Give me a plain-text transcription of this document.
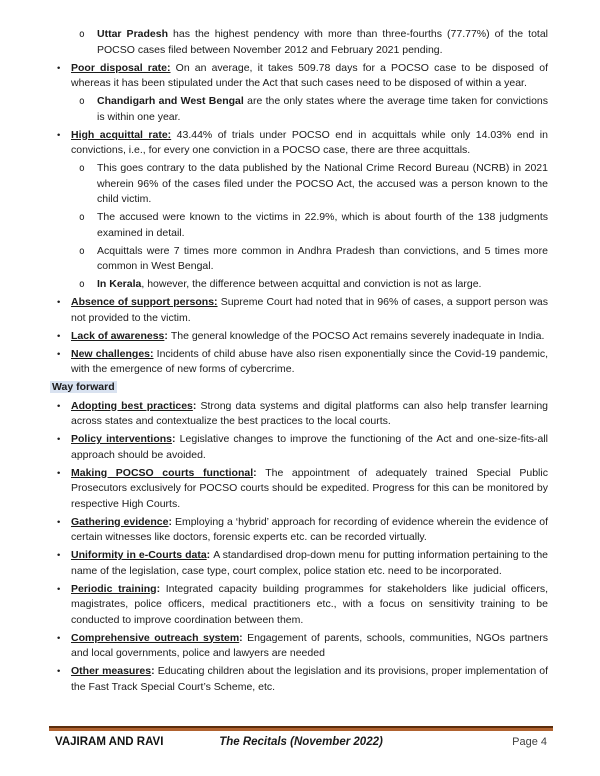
o	Uttar Pradesh has the highest pendency with more than three-fourths (77.77%) of the total POCSO cases filed between November 2012 and February 2021 pending.
•	Poor disposal rate: On an average, it takes 509.78 days for a POCSO case to be disposed of whereas it has been stipulated under the Act that such cases need to be disposed of within a year.
o	Chandigarh and West Bengal are the only states where the average time taken for convictions is within one year.
•	High acquittal rate: 43.44% of trials under POCSO end in acquittals while only 14.03% end in convictions, i.e., for every one conviction in a POCSO case, there are three acquittals.
o	This goes contrary to the data published by the National Crime Record Bureau (NCRB) in 2021 wherein 96% of the cases filed under the POCSO Act, the accused was a person known to the child victim.
o	The accused were known to the victims in 22.9%, which is about fourth of the 138 judgments examined in detail.
o	Acquittals were 7 times more common in Andhra Pradesh than convictions, and 5 times more common in West Bengal.
o	In Kerala, however, the difference between acquittal and conviction is not as large.
•	Absence of support persons: Supreme Court had noted that in 96% of cases, a support person was not provided to the victim.
•	Lack of awareness: The general knowledge of the POCSO Act remains severely inadequate in India.
•	New challenges: Incidents of child abuse have also risen exponentially since the Covid-19 pandemic, with the emergence of new forms of cybercrime.
Way forward
•	Adopting best practices: Strong data systems and digital platforms can also help transfer learning across states and contextualize the best practices to the local courts.
•	Policy interventions: Legislative changes to improve the functioning of the Act and one-size-fits-all approach should be avoided.
•	Making POCSO courts functional: The appointment of adequately trained Special Public Prosecutors exclusively for POCSO courts should be expedited. Progress for this can be monitored by respective High Courts.
•	Gathering evidence: Employing a ‘hybrid’ approach for recording of evidence wherein the evidence of certain witnesses like doctors, forensic experts etc. can be recorded virtually.
•	Uniformity in e-Courts data: A standardised drop-down menu for putting information pertaining to the name of the legislation, case type, court complex, police station etc. need to be incorporated.
•	Periodic training: Integrated capacity building programmes for stakeholders like judicial officers, magistrates, police officers, medical practitioners etc., with a focus on sensitivity training to be conducted to improve coordination between them.
•	Comprehensive outreach system: Engagement of parents, schools, communities, NGOs partners and local governments, police and lawyers are needed
•	Other measures: Educating children about the legislation and its provisions, proper implementation of the Fast Track Special Court’s Scheme, etc.
VAJIRAM AND RAVI	The Recitals (November 2022)	Page 4
